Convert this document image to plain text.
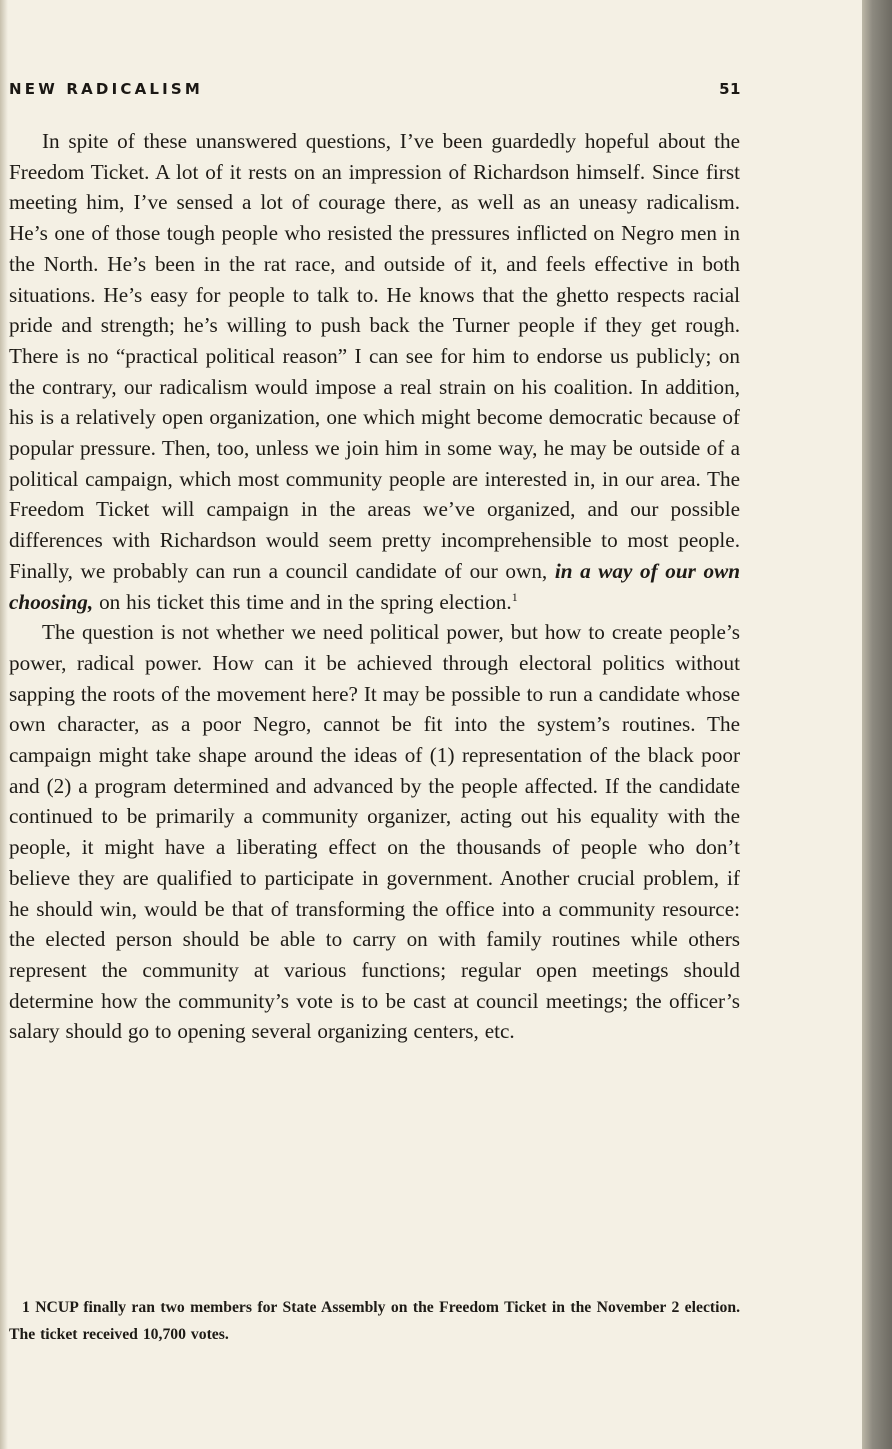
NEW RADICALISM	51

In spite of these unanswered questions, I’ve been guardedly hopeful about the Freedom Ticket. A lot of it rests on an impression of Richardson himself. Since first meeting him, I’ve sensed a lot of courage there, as well as an uneasy radicalism. He’s one of those tough people who resisted the pressures inflicted on Negro men in the North. He’s been in the rat race, and outside of it, and feels effective in both situations. He’s easy for people to talk to. He knows that the ghetto respects racial pride and strength; he’s willing to push back the Turner people if they get rough. There is no “practical political reason” I can see for him to endorse us publicly; on the contrary, our radicalism would impose a real strain on his coalition. In addition, his is a relatively open organization, one which might become democratic because of popular pressure. Then, too, unless we join him in some way, he may be outside of a political campaign, which most community people are interested in, in our area. The Freedom Ticket will campaign in the areas we’ve organized, and our possible differences with Richardson would seem pretty incomprehensible to most people. Finally, we probably can run a council candidate of our own, in a way of our own choosing, on his ticket this time and in the spring election.$^1$

The question is not whether we need political power, but how to create people’s power, radical power. How can it be achieved through electoral politics without sapping the roots of the movement here? It may be possible to run a candidate whose own character, as a poor Negro, cannot be fit into the system’s routines. The campaign might take shape around the ideas of (1) representation of the black poor and (2) a program determined and advanced by the people affected. If the candidate continued to be primarily a community organizer, acting out his equality with the people, it might have a liberating effect on the thousands of people who don’t believe they are qualified to participate in government. Another crucial problem, if he should win, would be that of transforming the office into a community resource: the elected person should be able to carry on with family routines while others represent the community at various functions; regular open meetings should determine how the community’s vote is to be cast at council meetings; the officer’s salary should go to opening several organizing centers, etc.

1 NCUP finally ran two members for State Assembly on the Freedom Ticket in the November 2 election. The ticket received 10,700 votes.
